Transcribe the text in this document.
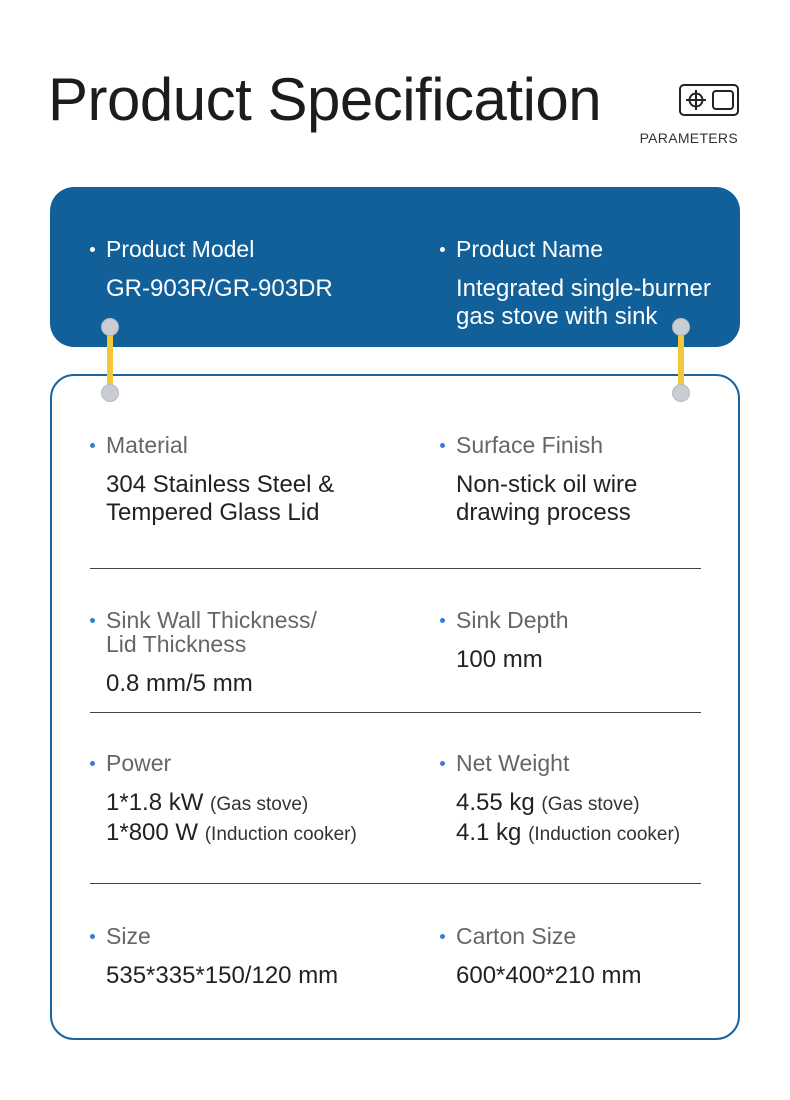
Product Specification
PARAMETERS
Product Model
GR-903R/GR-903DR
Product Name
Integrated single-burner
gas stove with sink
Material
304 Stainless Steel &
Tempered Glass Lid
Surface Finish
Non-stick oil wire
drawing process
Sink Wall Thickness/
Lid Thickness
0.8 mm/5 mm
Sink Depth
100 mm
Power
1*1.8 kW (Gas stove)
1*800 W (Induction cooker)
Net Weight
4.55 kg (Gas stove)
4.1 kg (Induction cooker)
Size
535*335*150/120 mm
Carton Size
600*400*210 mm
